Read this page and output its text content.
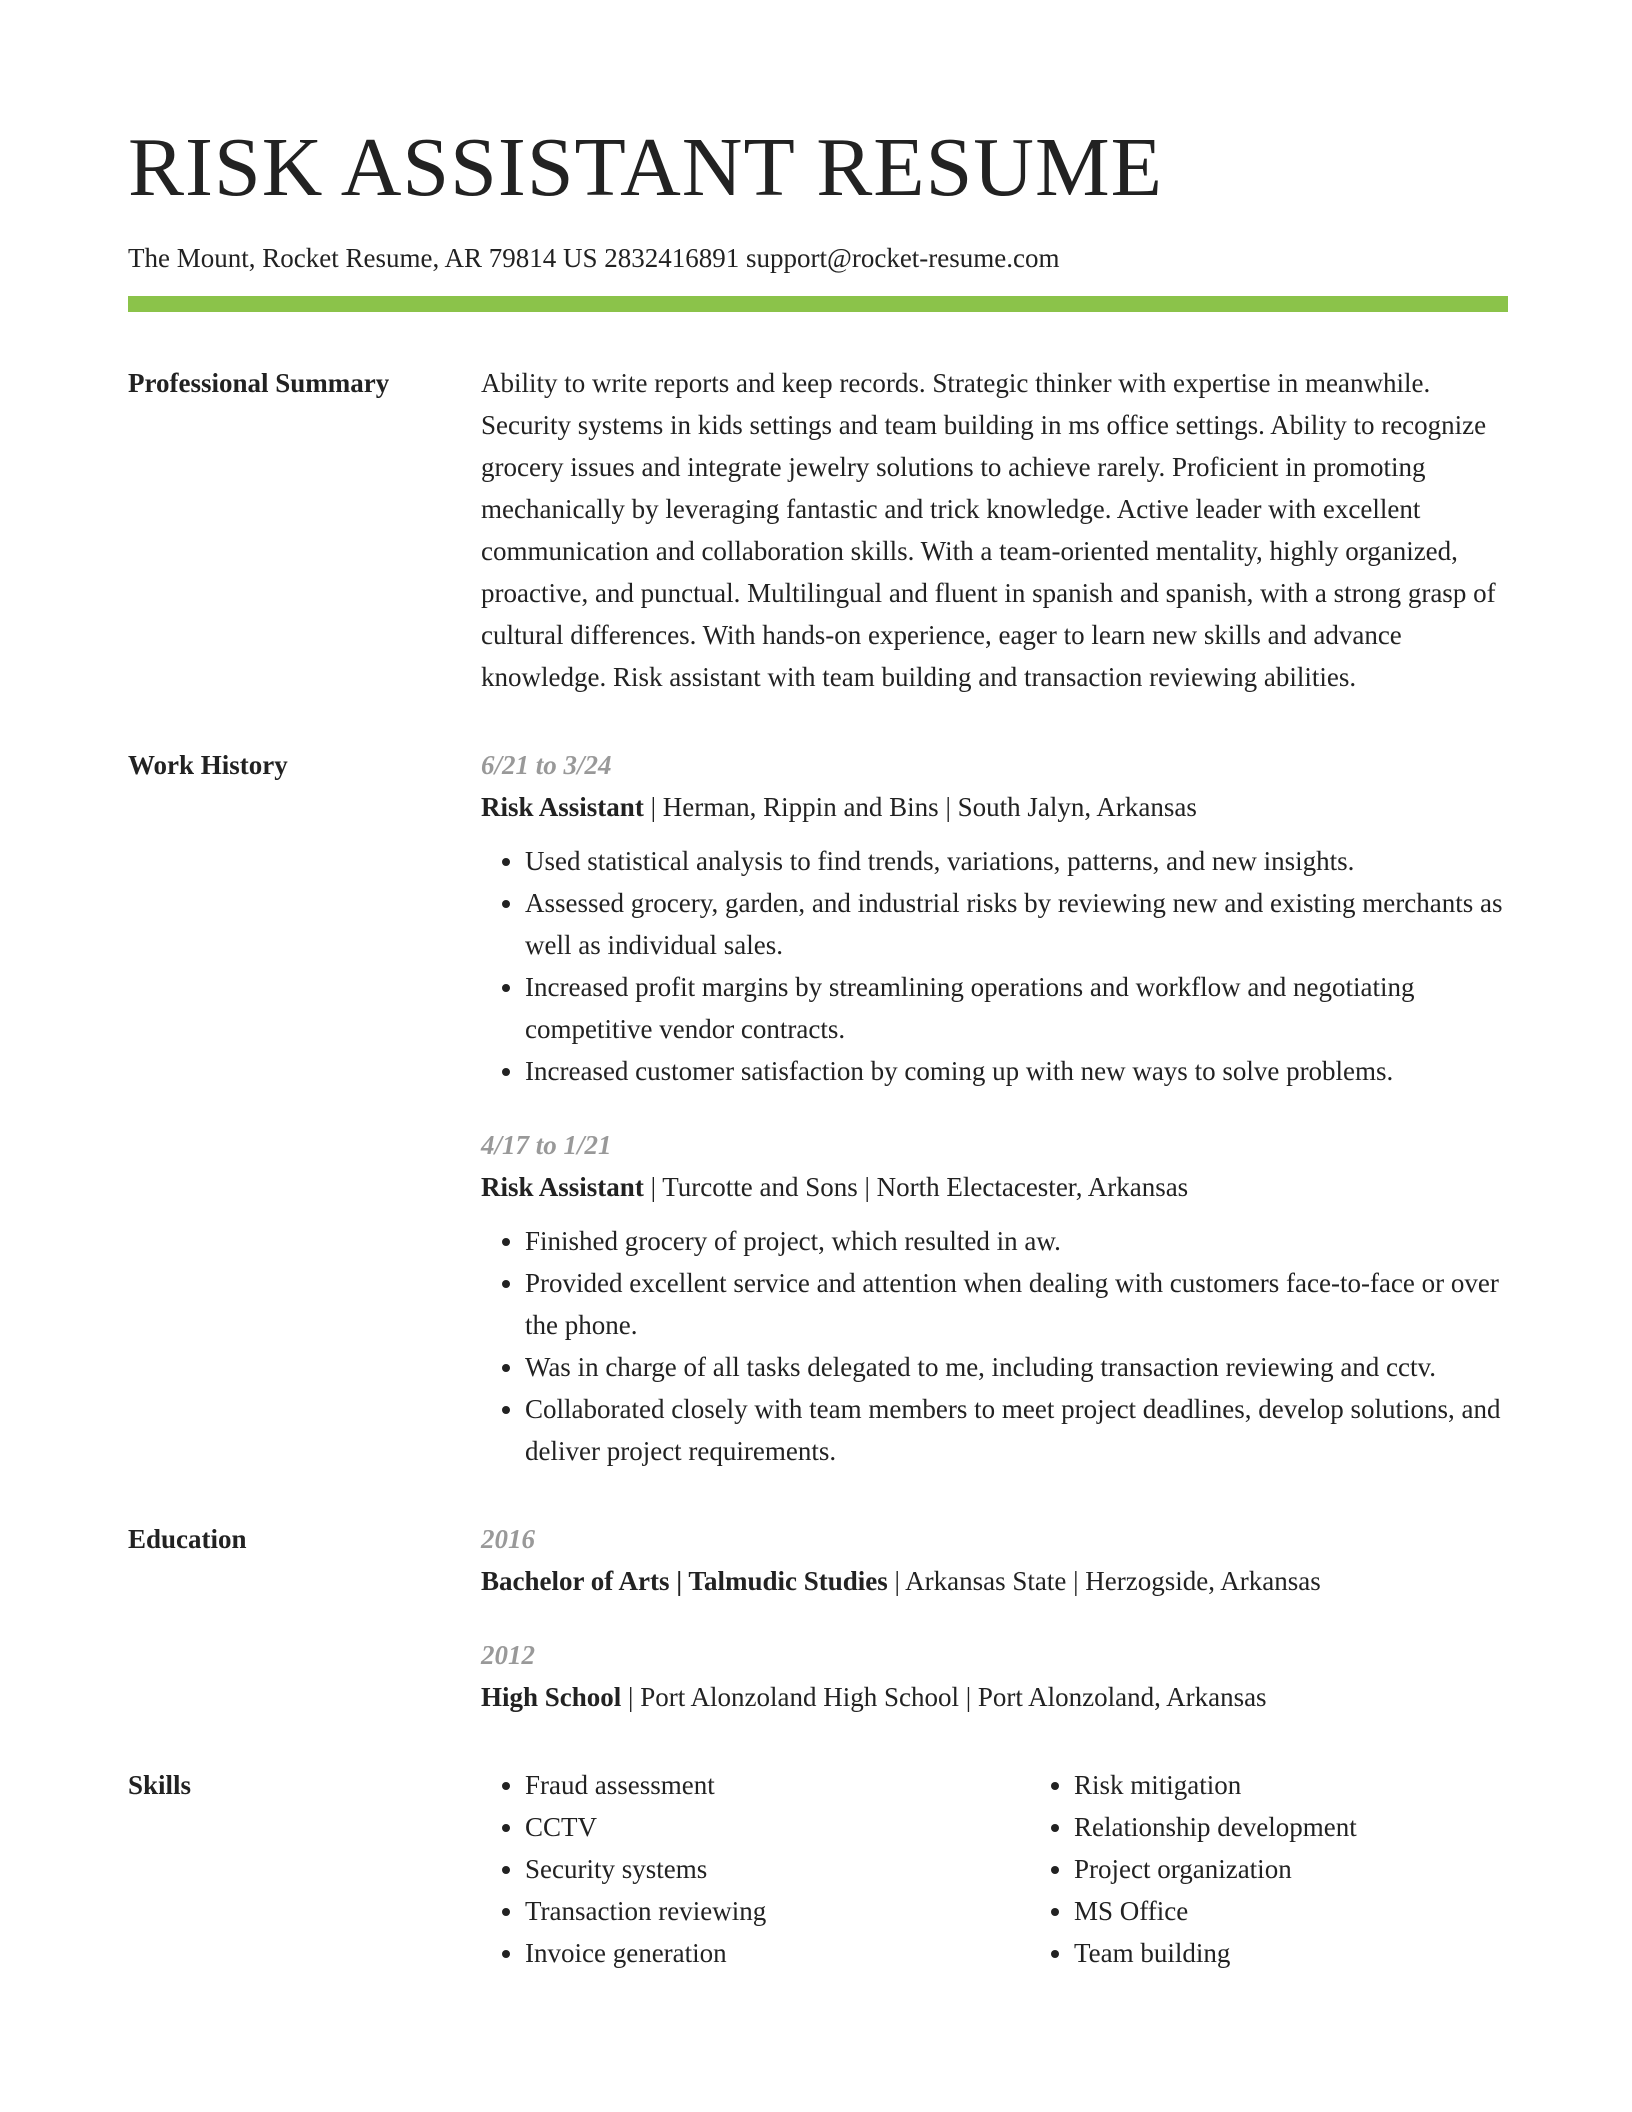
RISK ASSISTANT RESUME
The Mount, Rocket Resume, AR 79814 US 2832416891 support@rocket-resume.com
Professional Summary	Ability to write reports and keep records. Strategic thinker with expertise in meanwhile. Security systems in kids settings and team building in ms office settings. Ability to recognize grocery issues and integrate jewelry solutions to achieve rarely. Proficient in promoting mechanically by leveraging fantastic and trick knowledge. Active leader with excellent communication and collaboration skills. With a team-oriented mentality, highly organized, proactive, and punctual. Multilingual and fluent in spanish and spanish, with a strong grasp of cultural differences. With hands-on experience, eager to learn new skills and advance knowledge. Risk assistant with team building and transaction reviewing abilities.

Work History	6/21 to 3/24
Risk Assistant | Herman, Rippin and Bins | South Jalyn, Arkansas
• Used statistical analysis to find trends, variations, patterns, and new insights.
• Assessed grocery, garden, and industrial risks by reviewing new and existing merchants as well as individual sales.
• Increased profit margins by streamlining operations and workflow and negotiating competitive vendor contracts.
• Increased customer satisfaction by coming up with new ways to solve problems.
4/17 to 1/21
Risk Assistant | Turcotte and Sons | North Electacester, Arkansas
• Finished grocery of project, which resulted in aw.
• Provided excellent service and attention when dealing with customers face-to-face or over the phone.
• Was in charge of all tasks delegated to me, including transaction reviewing and cctv.
• Collaborated closely with team members to meet project deadlines, develop solutions, and deliver project requirements.
Education	2016
Bachelor of Arts | Talmudic Studies | Arkansas State | Herzogside, Arkansas
2012
High School | Port Alonzoland High School | Port Alonzoland, Arkansas
Skills
•	Fraud assessment
• CCTV
• Security systems
• Transaction reviewing
• Invoice generation
• Risk mitigation
• Relationship development
• Project organization
• MS Office
• Team building
